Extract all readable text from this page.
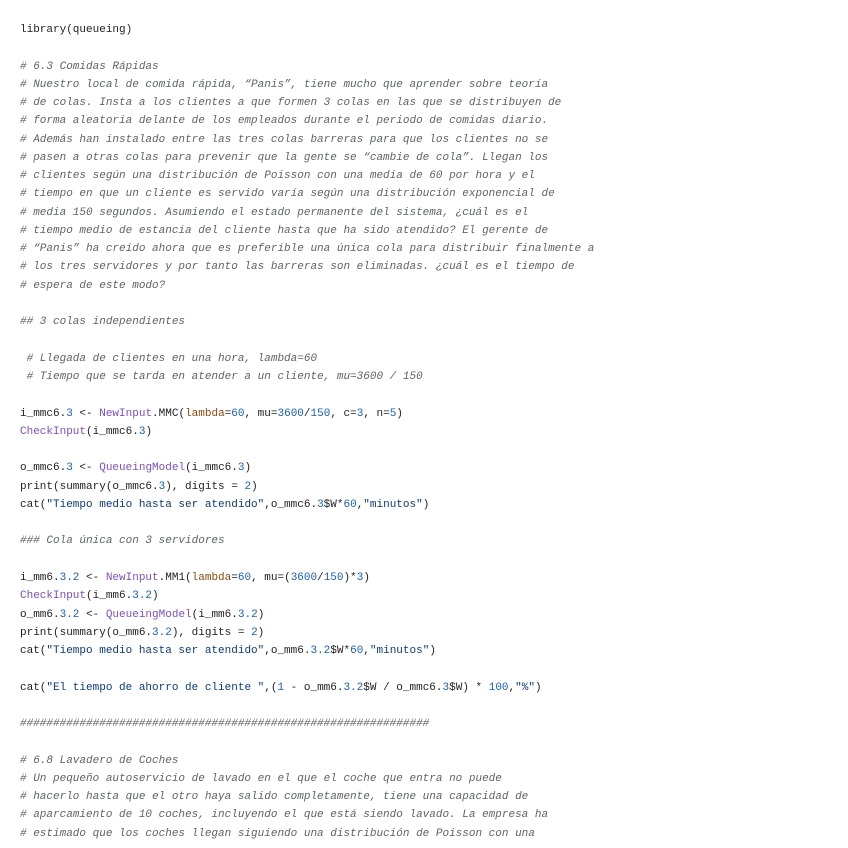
library(queueing)
# 6.3 Comidas Rápidas
# Nuestro local de comida rápida, “Panis”, tiene mucho que aprender sobre teoría
# de colas. Insta a los clientes a que formen 3 colas en las que se distribuyen de
# forma aleatoria delante de los empleados durante el periodo de comidas diario.
# Además han instalado entre las tres colas barreras para que los clientes no se
# pasen a otras colas para prevenir que la gente se “cambie de cola”. Llegan los
# clientes según una distribución de Poisson con una media de 60 por hora y el
# tiempo en que un cliente es servido varía según una distribución exponencial de
# media 150 segundos. Asumiendo el estado permanente del sistema, ¿cuál es el
# tiempo medio de estancia del cliente hasta que ha sido atendido? El gerente de
# “Panis” ha creído ahora que es preferible una única cola para distribuir finalmente a
# los tres servidores y por tanto las barreras son eliminadas. ¿cuál es el tiempo de
# espera de este modo?
## 3 colas independientes
# Llegada de clientes en una hora, lambda=60
# Tiempo que se tarda en atender a un cliente, mu=3600 / 150
i_mmc6.3 <- NewInput.MMC(lambda=60, mu=3600/150, c=3, n=5)
CheckInput(i_mmc6.3)
o_mmc6.3 <- QueueingModel(i_mmc6.3)
print(summary(o_mmc6.3), digits = 2)
cat("Tiempo medio hasta ser atendido",o_mmc6.3$W*60,"minutos")
### Cola única con 3 servidores
i_mm6.3.2 <- NewInput.MM1(lambda=60, mu=(3600/150)*3)
CheckInput(i_mm6.3.2)
o_mm6.3.2 <- QueueingModel(i_mm6.3.2)
print(summary(o_mm6.3.2), digits = 2)
cat("Tiempo medio hasta ser atendido",o_mm6.3.2$W*60,"minutos")
cat("El tiempo de ahorro de cliente ",(1 - o_mm6.3.2$W / o_mmc6.3$W) * 100,"%")
##############################################################
# 6.8 Lavadero de Coches
# Un pequeño autoservicio de lavado en el que el coche que entra no puede
# hacerlo hasta que el otro haya salido completamente, tiene una capacidad de
# aparcamiento de 10 coches, incluyendo el que está siendo lavado. La empresa ha
# estimado que los coches llegan siguiendo una distribución de Poisson con una
